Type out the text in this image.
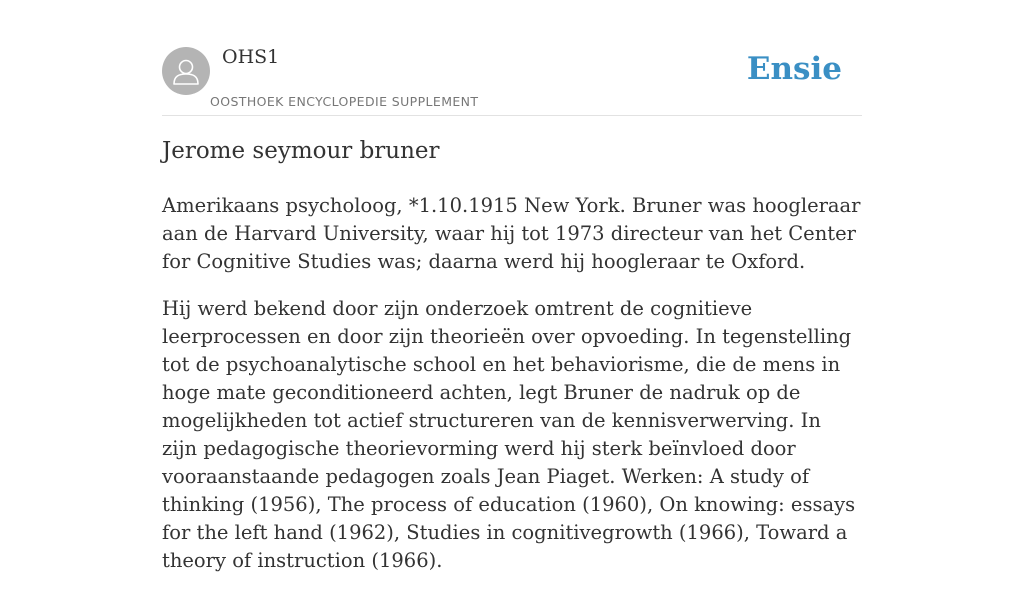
OHS1
OOSTHOEK ENCYCLOPEDIE SUPPLEMENT
Ensie
Jerome seymour bruner

Amerikaans psycholoog, *1.10.1915 New York. Bruner was hoogleraar aan de Harvard University, waar hij tot 1973 directeur van het Center for Cognitive Studies was; daarna werd hij hoogleraar te Oxford.

Hij werd bekend door zijn onderzoek omtrent de cognitieve leerprocessen en door zijn theorieën over opvoeding. In tegenstelling tot de psychoanalytische school en het behaviorisme, die de mens in hoge mate geconditioneerd achten, legt Bruner de nadruk op de mogelijkheden tot actief structureren van de kennisverwerving. In zijn pedagogische theorievorming werd hij sterk beïnvloed door vooraanstaande pedagogen zoals Jean Piaget. Werken: A study of thinking (1956), The process of education (1960), On knowing: essays for the left hand (1962), Studies in cognitivegrowth (1966), Toward a theory of instruction (1966).
